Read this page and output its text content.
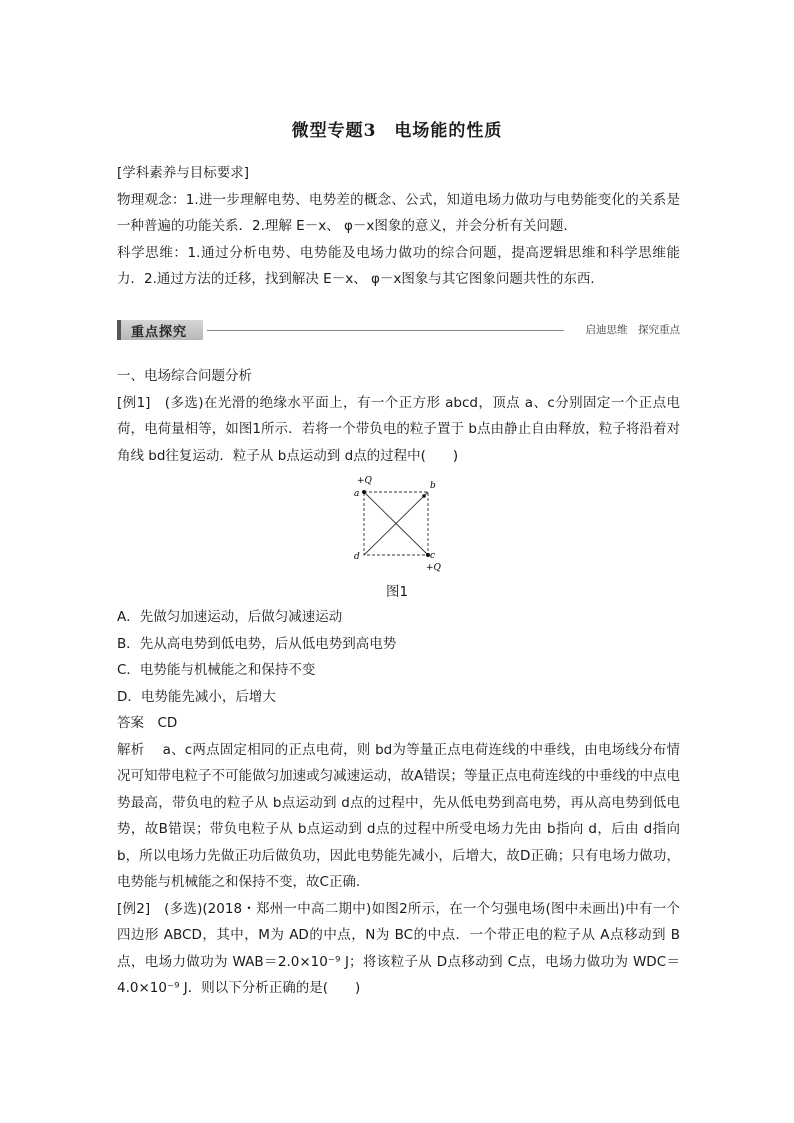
微型专题3　电场能的性质

[学科素养与目标要求]

物理观念：1.进一步理解电势、电势差的概念、公式，知道电场力做功与电势能变化的关系是一种普遍的功能关系．2.理解 E－x、 φ－x图象的意义，并会分析有关问题．

科学思维：1.通过分析电势、电势能及电场力做功的综合问题，提高逻辑思维和科学思维能力．2.通过方法的迁移，找到解决 E－x、 φ－x图象与其它图象问题共性的东西．

重点探究	启迪思维　探究重点

一、电场综合问题分析

[例1]　(多选)在光滑的绝缘水平面上，有一个正方形 abcd，顶点 a、c分别固定一个正点电荷，电荷量相等，如图1所示．若将一个带负电的粒子置于 b点由静止自由释放，粒子将沿着对角线 bd往复运动．粒子从 b点运动到 d点的过程中(　　)

+Q
a
b
c
+Q
d
图1

A．先做匀加速运动，后做匀减速运动

B．先从高电势到低电势，后从低电势到高电势

C．电势能与机械能之和保持不变

D．电势能先减小，后增大

答案　CD

解析　 a、c两点固定相同的正点电荷，则 bd为等量正点电荷连线的中垂线，由电场线分布情况可知带电粒子不可能做匀加速或匀减速运动，故A错误；等量正点电荷连线的中垂线的中点电势最高，带负电的粒子从 b点运动到 d点的过程中，先从低电势到高电势，再从高电势到低电势，故B错误；带负电粒子从 b点运动到 d点的过程中所受电场力先由 b指向 d，后由 d指向 b，所以电场力先做正功后做负功，因此电势能先减小，后增大，故D正确；只有电场力做功，电势能与机械能之和保持不变，故C正确．

[例2]　(多选)(2018・郑州一中高二期中)如图2所示，在一个匀强电场(图中未画出)中有一个四边形 ABCD，其中，M为 AD的中点，N为 BC的中点．一个带正电的粒子从 A点移动到 B点，电场力做功为 WAB＝2.0×10⁻⁹ J；将该粒子从 D点移动到 C点，电场力做功为 WDC＝4.0×10⁻⁹ J．则以下分析正确的是(　　)
